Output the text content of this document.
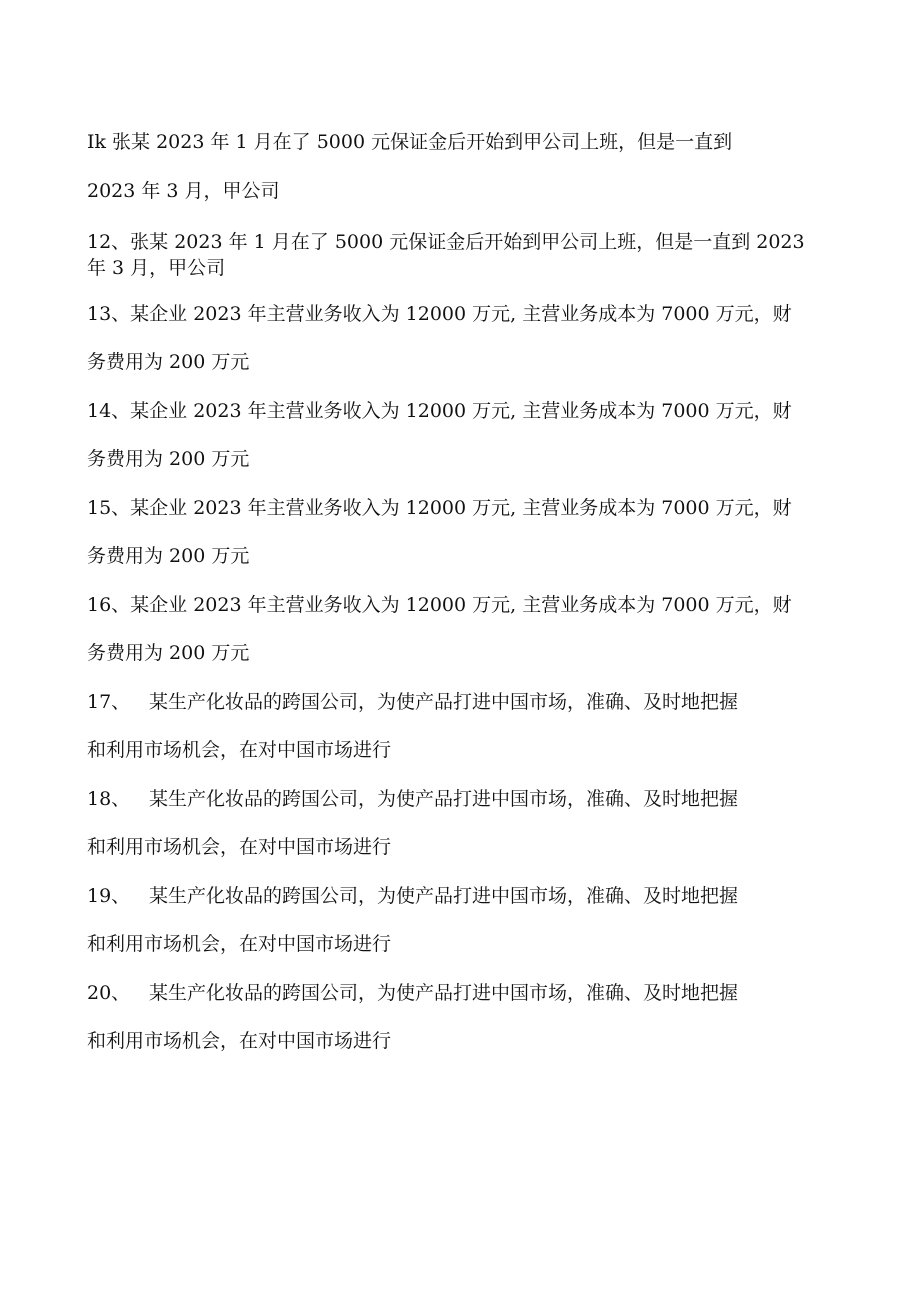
Ik 张某 2023 年 1 月在了 5000 元保证金后开始到甲公司上班，但是一直到
2023 年 3 月，甲公司
12、张某 2023 年 1 月在了 5000 元保证金后开始到甲公司上班，但是一直到 2023
年 3 月，甲公司
13、某企业 2023 年主营业务收入为 12000 万元, 主营业务成本为 7000 万元，财
务费用为 200 万元
14、某企业 2023 年主营业务收入为 12000 万元, 主营业务成本为 7000 万元，财
务费用为 200 万元
15、某企业 2023 年主营业务收入为 12000 万元, 主营业务成本为 7000 万元，财
务费用为 200 万元
16、某企业 2023 年主营业务收入为 12000 万元, 主营业务成本为 7000 万元，财
务费用为 200 万元
17、 某生产化妆品的跨国公司，为使产品打进中国市场，准确、及时地把握
和利用市场机会，在对中国市场进行
18、 某生产化妆品的跨国公司，为使产品打进中国市场，准确、及时地把握
和利用市场机会，在对中国市场进行
19、 某生产化妆品的跨国公司，为使产品打进中国市场，准确、及时地把握
和利用市场机会，在对中国市场进行
20、 某生产化妆品的跨国公司，为使产品打进中国市场，准确、及时地把握
和利用市场机会，在对中国市场进行
